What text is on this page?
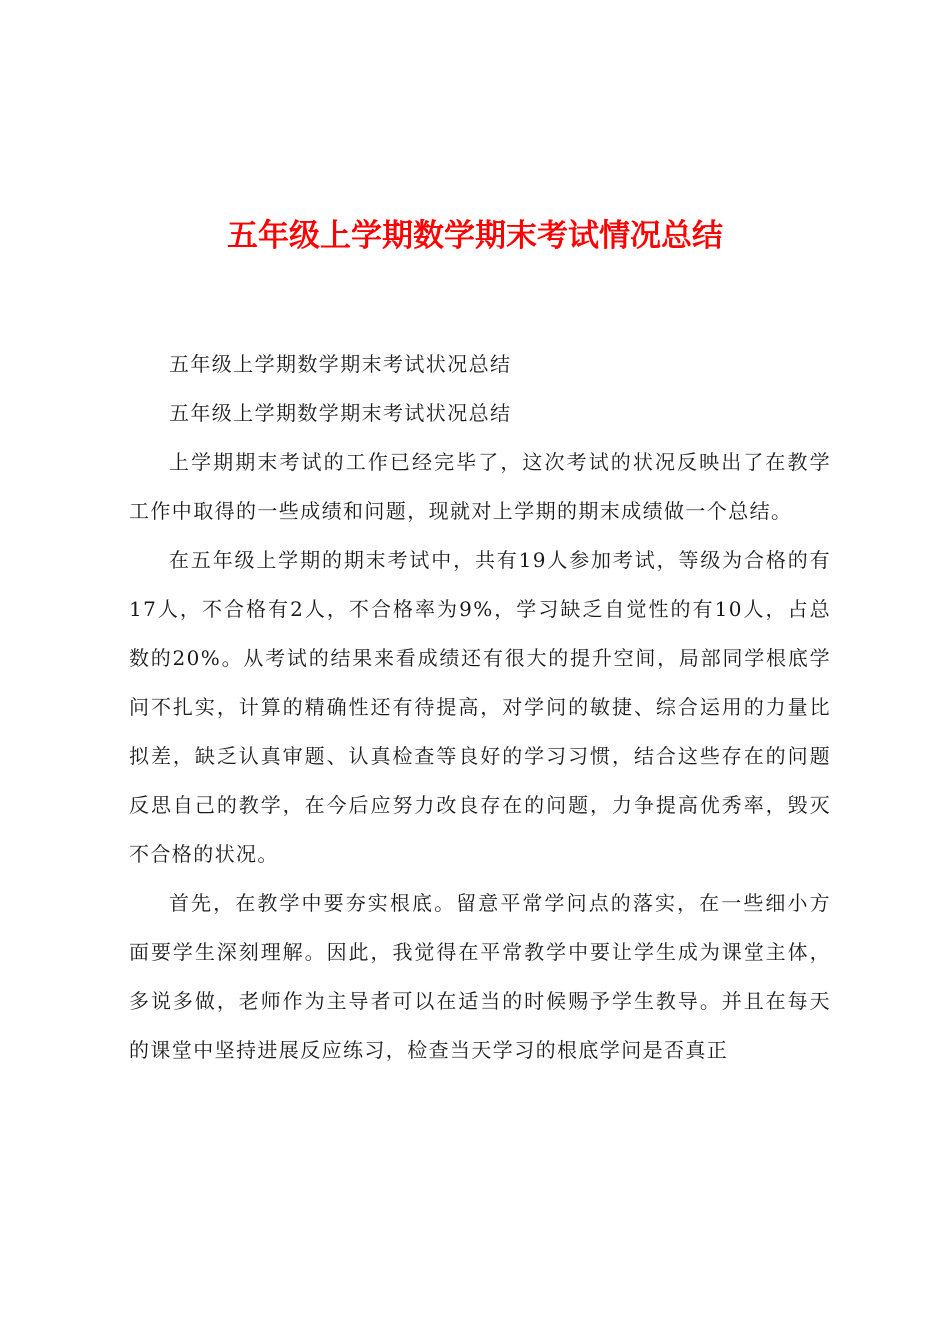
五年级上学期数学期末考试情况总结

五年级上学期数学期末考试状况总结

五年级上学期数学期末考试状况总结

上学期期末考试的工作已经完毕了，这次考试的状况反映出了在教学工作中取得的一些成绩和问题，现就对上学期的期末成绩做一个总结。

在五年级上学期的期末考试中，共有19人参加考试，等级为合格的有17人，不合格有2人，不合格率为9%，学习缺乏自觉性的有10人，占总数的20%。从考试的结果来看成绩还有很大的提升空间，局部同学根底学问不扎实，计算的精确性还有待提高，对学问的敏捷、综合运用的力量比拟差，缺乏认真审题、认真检查等良好的学习习惯，结合这些存在的问题反思自己的教学，在今后应努力改良存在的问题，力争提高优秀率，毁灭不合格的状况。

首先，在教学中要夯实根底。留意平常学问点的落实，在一些细小方面要学生深刻理解。因此，我觉得在平常教学中要让学生成为课堂主体，多说多做，老师作为主导者可以在适当的时候赐予学生教导。并且在每天的课堂中坚持进展反应练习，检查当天学习的根底学问是否真正
